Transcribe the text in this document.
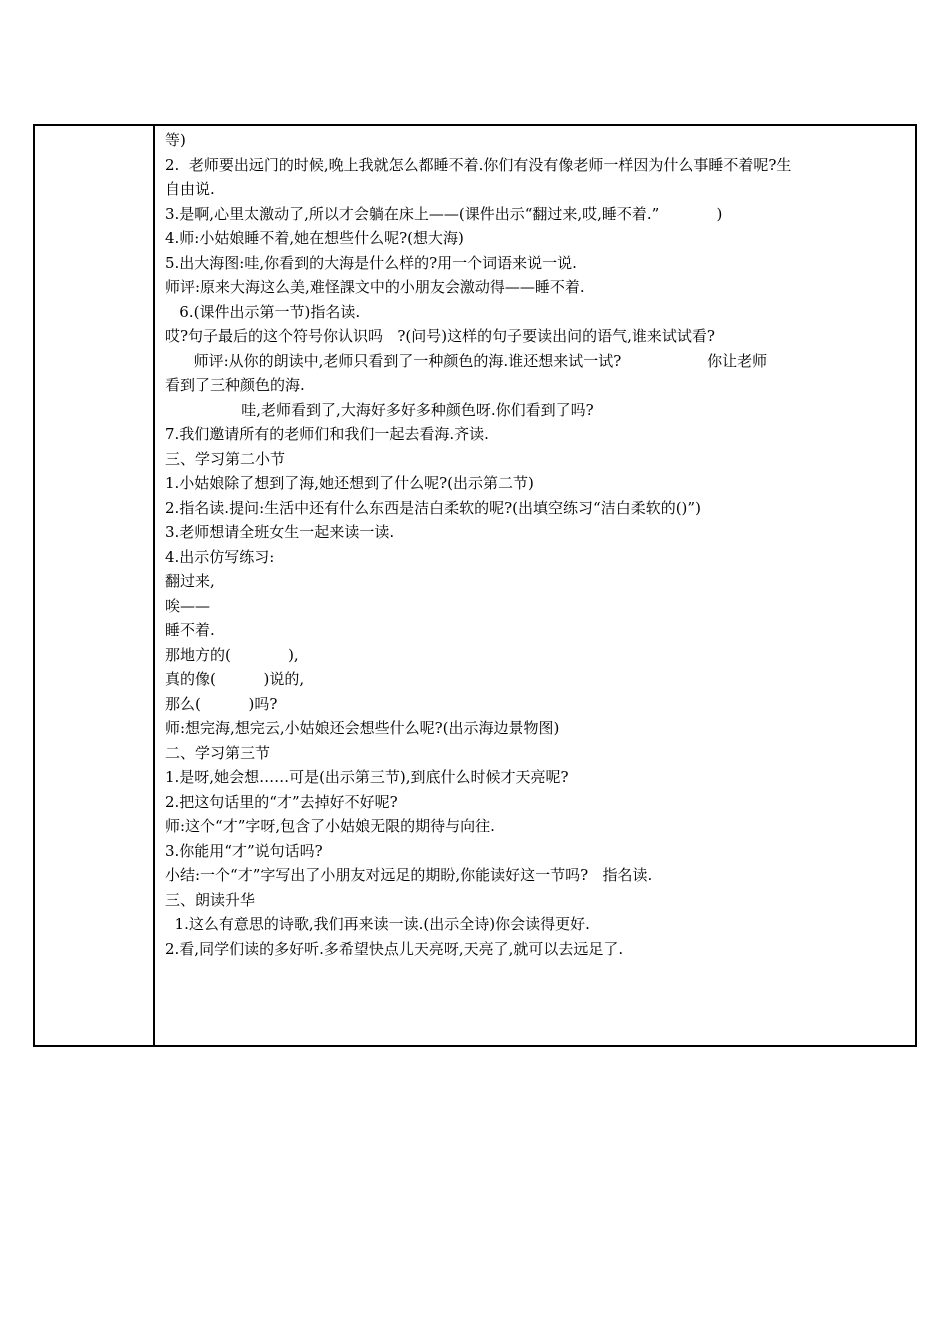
等)
2.  老师要出远门的时候,晚上我就怎么都睡不着.你们有没有像老师一样因为什么事睡不着呢?生
自由说.
3.是啊,心里太激动了,所以才会躺在床上——(课件出示“翻过来,哎,睡不着.”            )
4.师:小姑娘睡不着,她在想些什么呢?(想大海)
5.出大海图:哇,你看到的大海是什么样的?用一个词语来说一说.
师评:原来大海这么美,难怪課文中的小朋友会激动得——睡不着.
6.(课件出示第一节)指名读.
哎?句子最后的这个符号你认识吗   ?(问号)这样的句子要读出问的语气,谁来试试看?
师评:从你的朗读中,老师只看到了一种颜色的海.谁还想来试一试?                  你让老师
看到了三种颜色的海.
哇,老师看到了,大海好多好多种颜色呀.你们看到了吗?
7.我们邀请所有的老师们和我们一起去看海.齐读.
三、学习第二小节
1.小姑娘除了想到了海,她还想到了什么呢?(出示第二节)
2.指名读.提问:生活中还有什么东西是洁白柔软的呢?(出填空练习“洁白柔软的()”)
3.老师想请全班女生一起来读一读.
4.出示仿写练习:
翻过来,
唉——
睡不着.
那地方的(            ),
真的像(          )说的,
那么(          )吗?
师:想完海,想完云,小姑娘还会想些什么呢?(出示海边景物图)
二、学习第三节
1.是呀,她会想……可是(出示第三节),到底什么时候才天亮呢?
2.把这句话里的“才”去掉好不好呢?
师:这个“才”字呀,包含了小姑娘无限的期待与向往.
3.你能用“才”说句话吗?
小结:一个“才”字写出了小朋友对远足的期盼,你能读好这一节吗?   指名读.
三、朗读升华
1.这么有意思的诗歌,我们再来读一读.(出示全诗)你会读得更好.
2.看,同学们读的多好听.多希望快点儿天亮呀,天亮了,就可以去远足了.
